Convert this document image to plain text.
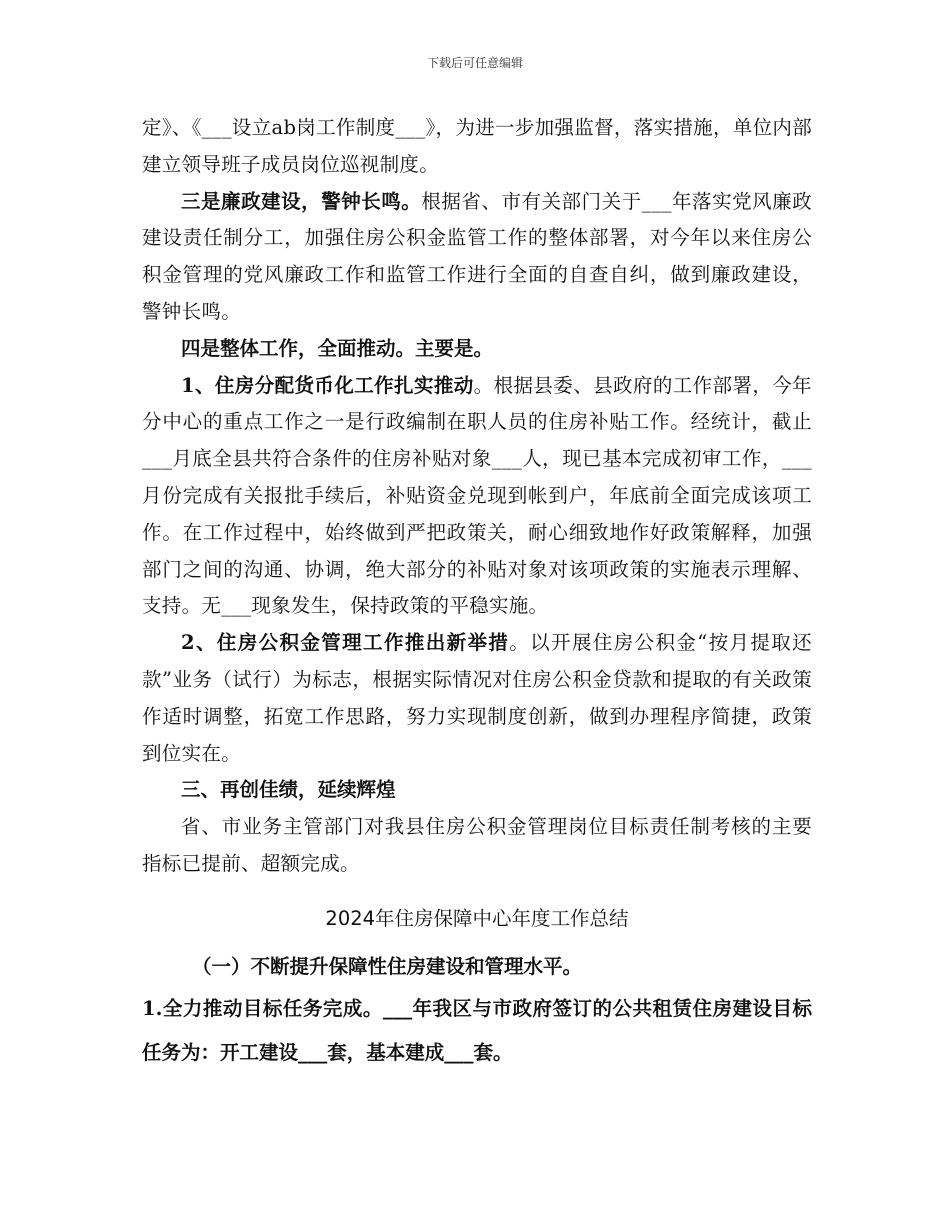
下载后可任意编辑

定》、《___设立ab岗工作制度___》，为进一步加强监督，落实措施，单位内部建立领导班子成员岗位巡视制度。

三是廉政建设，警钟长鸣。根据省、市有关部门关于___年落实党风廉政建设责任制分工，加强住房公积金监管工作的整体部署，对今年以来住房公积金管理的党风廉政工作和监管工作进行全面的自查自纠，做到廉政建设，警钟长鸣。

四是整体工作，全面推动。主要是。

1、住房分配货币化工作扎实推动。根据县委、县政府的工作部署，今年分中心的重点工作之一是行政编制在职人员的住房补贴工作。经统计，截止___月底全县共符合条件的住房补贴对象___人，现已基本完成初审工作，___月份完成有关报批手续后，补贴资金兑现到帐到户，年底前全面完成该项工作。在工作过程中，始终做到严把政策关，耐心细致地作好政策解释，加强部门之间的沟通、协调，绝大部分的补贴对象对该项政策的实施表示理解、支持。无___现象发生，保持政策的平稳实施。

2、住房公积金管理工作推出新举措。以开展住房公积金“按月提取还款”业务（试行）为标志，根据实际情况对住房公积金贷款和提取的有关政策作适时调整，拓宽工作思路，努力实现制度创新，做到办理程序简捷，政策到位实在。

三、再创佳绩，延续辉煌

省、市业务主管部门对我县住房公积金管理岗位目标责任制考核的主要指标已提前、超额完成。

2024年住房保障中心年度工作总结

（一）不断提升保障性住房建设和管理水平。

1.全力推动目标任务完成。___年我区与市政府签订的公共租赁住房建设目标任务为：开工建设___套，基本建成___套。
